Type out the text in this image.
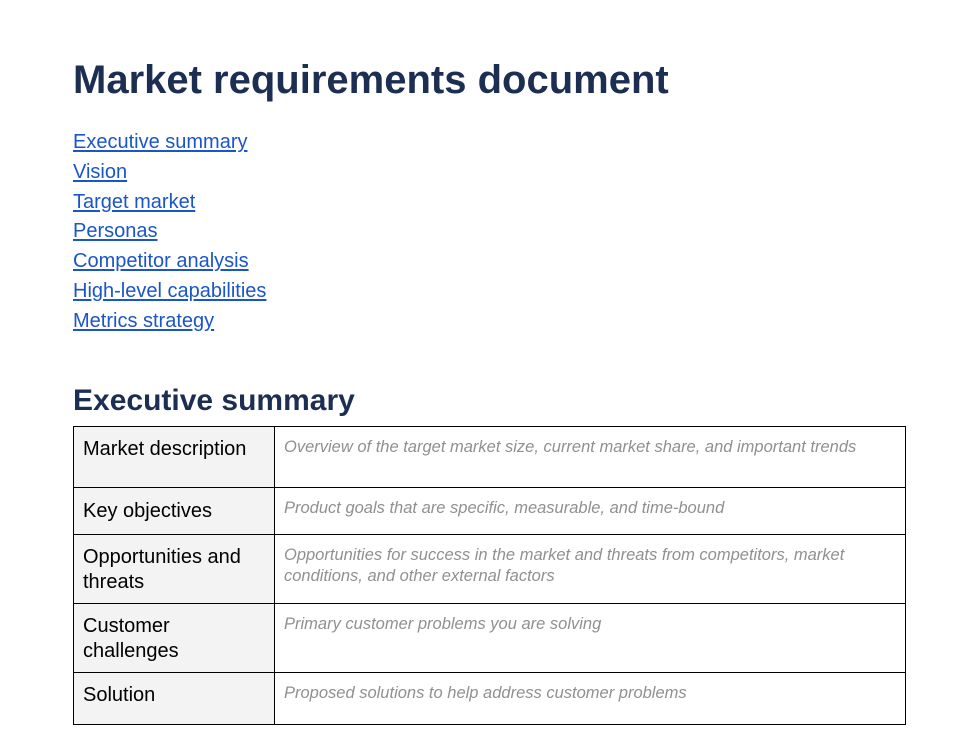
Market requirements document
Executive summary
Vision
Target market
Personas
Competitor analysis
High-level capabilities
Metrics strategy
Executive summary
Market description	Overview of the target market size, current market share, and important trends
Key objectives	Product goals that are specific, measurable, and time-bound
Opportunities and threats	Opportunities for success in the market and threats from competitors, market conditions, and other external factors
Customer challenges	Primary customer problems you are solving
Solution	Proposed solutions to help address customer problems
